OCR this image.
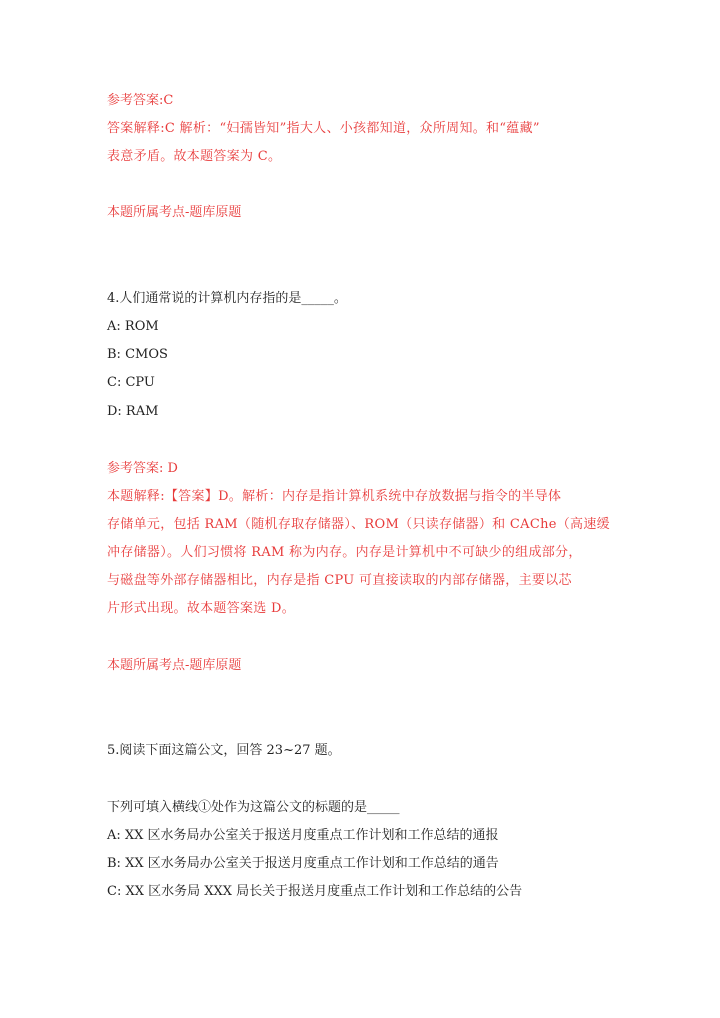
参考答案:C
答案解释:C 解析：“妇孺皆知”指大人、小孩都知道，众所周知。和“蕴藏”
表意矛盾。故本题答案为 C。
本题所属考点-题库原题
4.人们通常说的计算机内存指的是_____。
A: ROM
B: CMOS
C: CPU
D: RAM
参考答案: D
本题解释:【答案】D。解析：内存是指计算机系统中存放数据与指令的半导体
存储单元，包括 RAM（随机存取存储器）、ROM（只读存储器）和 CAChe（高速缓
冲存储器）。人们习惯将 RAM 称为内存。内存是计算机中不可缺少的组成部分，
与磁盘等外部存储器相比，内存是指 CPU 可直接读取的内部存储器，主要以芯
片形式出现。故本题答案选 D。
本题所属考点-题库原题
5.阅读下面这篇公文，回答 23~27 题。
下列可填入横线①处作为这篇公文的标题的是_____
A: XX 区水务局办公室关于报送月度重点工作计划和工作总结的通报
B: XX 区水务局办公室关于报送月度重点工作计划和工作总结的通告
C: XX 区水务局 XXX 局长关于报送月度重点工作计划和工作总结的公告
